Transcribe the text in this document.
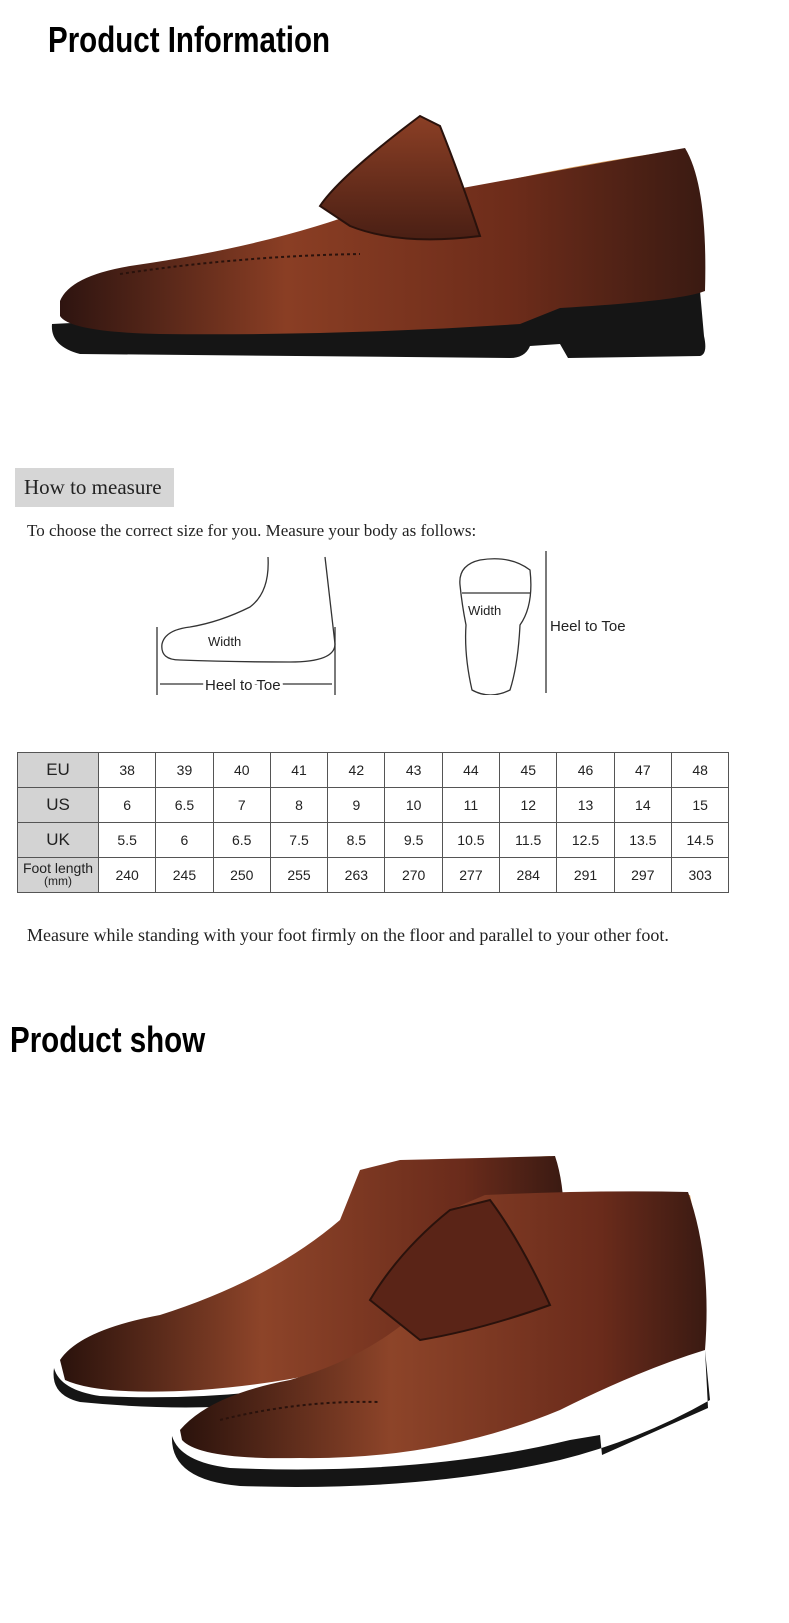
Product Information
How to measure
To choose the correct size for you. Measure your body as follows:
Width
Heel to Toe
Width
Heel to Toe
EU	38	39	40	41	42	43	44	45	46	47	48
US	6	6.5	7	8	9	10	11	12	13	14	15
UK	5.5	6	6.5	7.5	8.5	9.5	10.5	11.5	12.5	13.5	14.5
Foot length
(mm)	240	245	250	255	263	270	277	284	291	297	303
Measure while standing with your foot firmly on the floor and parallel to your other foot.
Product show
